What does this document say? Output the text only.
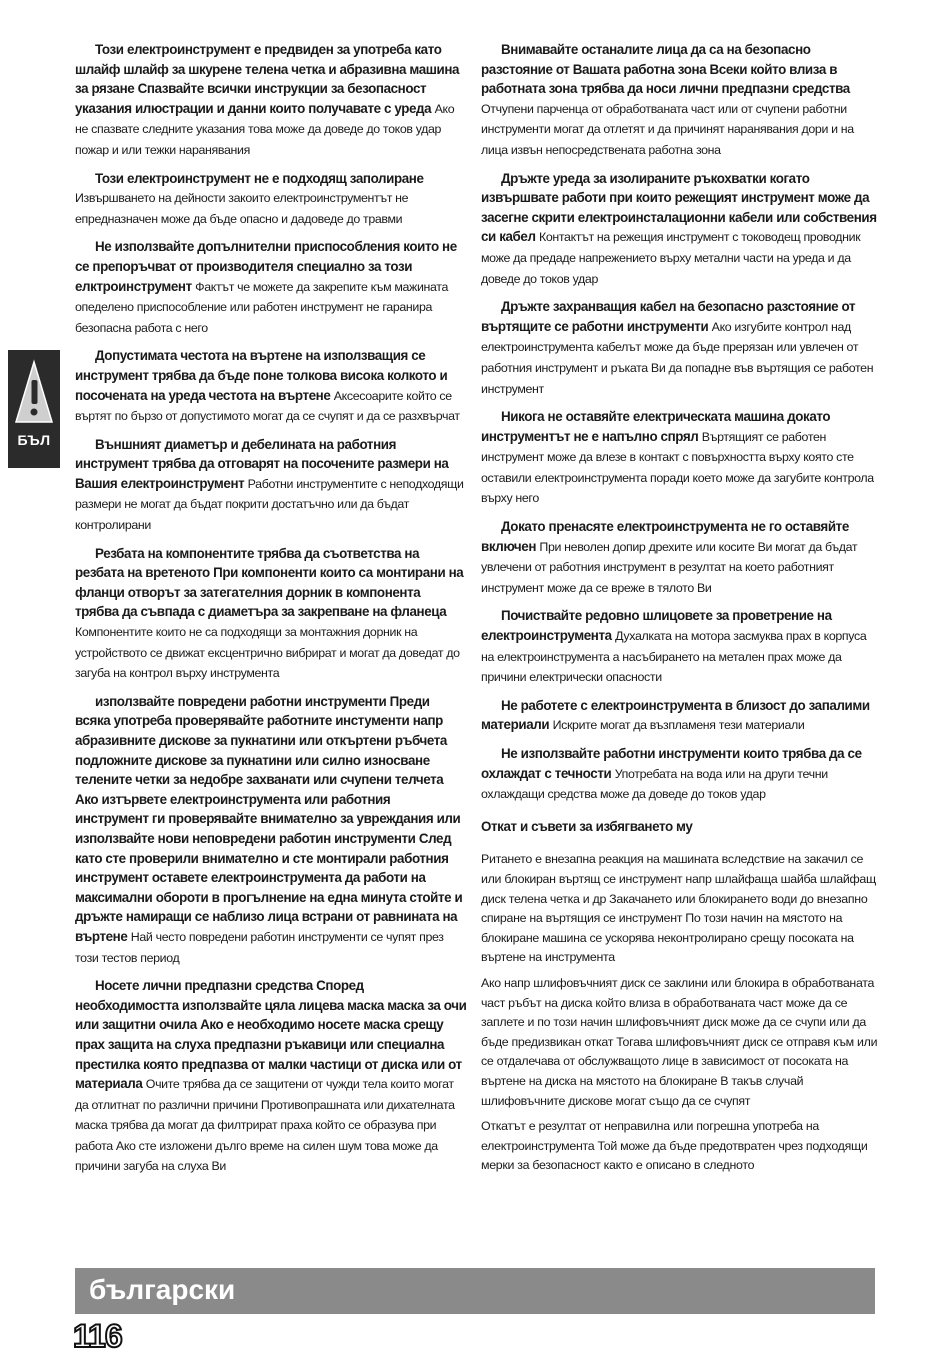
БЪЛ

Този електроинструмент е предвиден за употреба като шлайф шлайф за шкурене телена четка и абразивна машина за рязане Спазвайте всички инструкции за безопасност указания илюстрации и данни които получавате с уреда Ако не спазвате следните указания това може да доведе до токов удар пожар и или тежки наранявания

Този електроинструмент не е подходящ заполиране Извършването на дейности закоито електроинструментът не епредназначен може да бъде опасно и дадоведе до травми

Не използвайте допълнителни приспособления които не се препоръчват от производителя специално за този елктроинструмент Фактът че можете да закрепите към мажината опеделено приспособление или работен инструмент не гаранира безопасна работа с него

Допустимата честота на въртене на използващия се инструмент трябва да бъде поне толкова висока колкото и посочената на уреда честота на въртене Аксесоарите който се въртят по бързо от допустимото могат да се счупят и да се разхвърчат

Външният диаметър и дебелината на работния инструмент трябва да отговарят на посочените размери на Вашия електроинструмент Работни инструментите с неподходящи размери не могат да бъдат покрити достатъчно или да бъдат контролирани

Резбата на компонентите трябва да съответства на резбата на вретеното При компоненти които са монтирани на фланци отворът за затегателния дорник в компонента трябва да съвпада с диаметъра за закрепване на фланеца Компонентите които не са подходящи за монтажния дорник на устройството се движат ексцентрично вибрират и могат да доведат до загуба на контрол върху инструмента

използвайте повредени работни инструменти Преди всяка употреба проверявайте работните инстументи напр абразивните дискове за пукнатини или откъртени ръбчета подложните дискове за пукнатини или силно износване телените четки за недобре захванати или счупени телчета Ако изтървете електроинструмента или работния инструмент ги проверявайте внимателно за увреждания или използвайте нови неповредени работин инструменти След като сте проверили внимателно и сте монтирали работния инструмент оставете електроинструмента да работи на максимални обороти в прогълнение на една минута стойте и дръжте намиращи се наблизо лица встрани от равнината на въртене Най често повредени работин инструменти се чупят през този тестов период

Носете лични предпазни средства Според необходимостта използвайте цяла лицева маска маска за очи или защитни очила Ако е необходимо носете маска срещу прах защита на слуха предпазни ръкавици или специална престилка която предпазва от малки частици от диска или от материала Очите трябва да се защитени от чужди тела които могат да отлитнат по различни причини Противопрашната или дихателната маска трябва да могат да филтрират праха който се образува при работа Ако сте изложени дълго време на силен шум това може да причини загуба на слуха Ви

Внимавайте останалите лица да са на безопасно разстояние от Вашата работна зона Всеки който влиза в работната зона трябва да носи лични предпазни средства Отчупени парченца от обработваната част или от счупени работни инструменти могат да отлетят и да причинят наранявания дори и на лица извън непосредствената работна зона

Дръжте уреда за изолираните ръкохватки когато извършвате работи при които режещият инструмент може да засегне скрити електроинсталационни кабели или собствения си кабел Контактът на режещия инструмент с тоководещ проводник може да предаде напрежението върху метални части на уреда и да доведе до токов удар

Дръжте захранващия кабел на безопасно разстояние от въртящите се работни инструменти Ако изгубите контрол над електроинструмента кабелът може да бъде прерязан или увлечен от работния инструмент и ръката Ви да попадне във въртящия се работен инструмент

Никога не оставяйте електрическата машина докато инструментът не е напълно спрял Въртящият се работен инструмент може да влезе в контакт с повърхността върху която сте оставили електроинструмента поради което може да загубите контрола върху него

Докато пренасяте електроинструмента не го оставяйте включен При неволен допир дрехите или косите Ви могат да бъдат увлечени от работния инструмент в резултат на което работният инструмент може да се вреже в тялото Ви

Почиствайте редовно шлицовете за проветрение на електроинструмента Духалката на мотора засмуква прах в корпуса на електроинструмента а насъбирането на метален прах може да причини електрически опасности

Не работете с електроинструмента в близост до запалими материали Искрите могат да възпламеня тези материали

Не използвайте работни инструменти които трябва да се охлаждат с течности Употребата на вода или на други течни охлаждащи средства може да доведе до токов удар

Откат и съвети за избягването му

Ритането е внезапна реакция на машината вследствие на закачил се или блокиран въртящ се инструмент напр шлайфаща шайба шлайфащ диск телена четка и др Закачането или блокирането води до внезапно спиране на въртящия се инструмент По този начин на мястото на блокиране машина се ускорява неконтролирано срещу посоката на въртене на инструмента

Ако напр шлифовъчният диск се заклини или блокира в обработваната част ръбът на диска който влиза в обработваната част може да се заплете и по този начин шлифовъчният диск може да се счупи или да бъде предизвикан откат Тогава шлифовъчният диск се отправя към или се отдалечава от обслужващото лице в зависимост от посоката на въртене на диска на мястото на блокиране В такъв случай шлифовъчните дискове могат също да се счупят

Откатът е резултат от неправилна или погрешна употреба на електроинструмента Той може да бъде предотвратен чрез подходящи мерки за безопасност както е описано в следното

български
116
